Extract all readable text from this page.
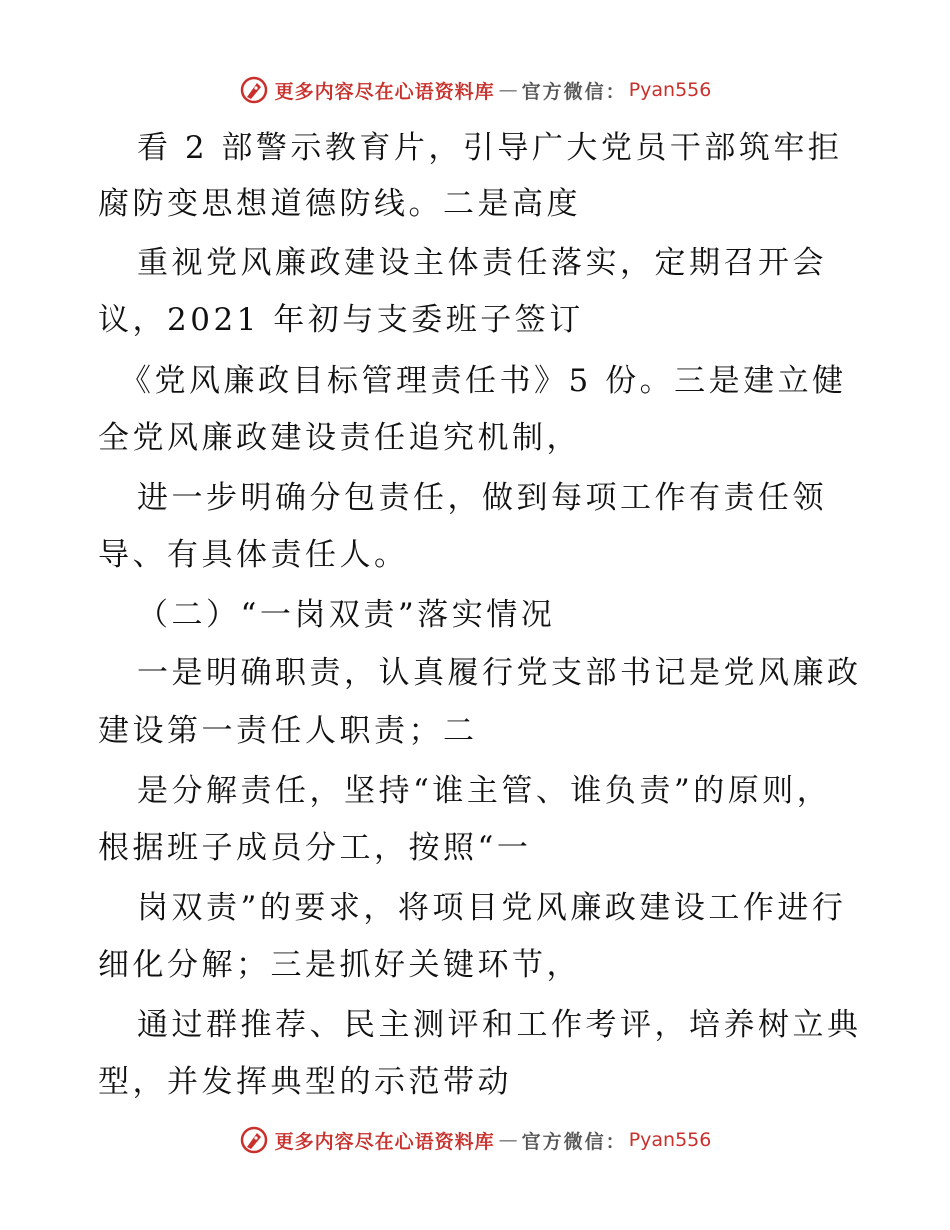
更多内容尽在心语资料库 — 官方微信： Pyan556
看 2 部警示教育片，引导广大党员干部筑牢拒
腐防变思想道德防线。二是高度
重视党风廉政建设主体责任落实，定期召开会
议，2021 年初与支委班子签订
《党风廉政目标管理责任书》5 份。三是建立健
全党风廉政建设责任追究机制，
进一步明确分包责任，做到每项工作有责任领
导、有具体责任人。
（二）“一岗双责”落实情况
一是明确职责，认真履行党支部书记是党风廉政
建设第一责任人职责；二
是分解责任，坚持“谁主管、谁负责”的原则，
根据班子成员分工，按照“一
岗双责”的要求，将项目党风廉政建设工作进行
细化分解；三是抓好关键环节，
通过群推荐、民主测评和工作考评，培养树立典
型，并发挥典型的示范带动
更多内容尽在心语资料库 — 官方微信： Pyan556
